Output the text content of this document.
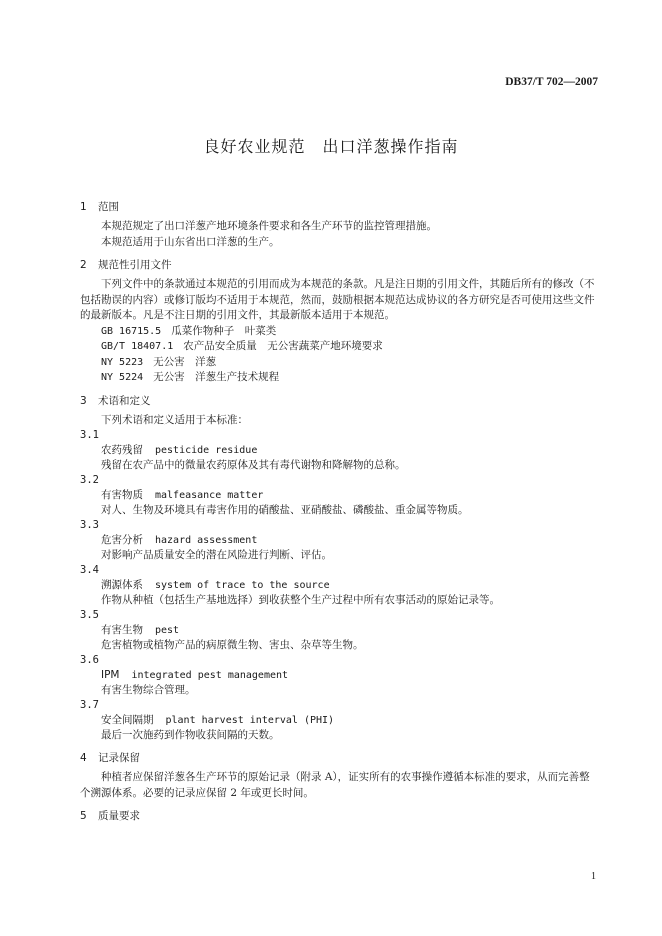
DB37/T 702—2007
良好农业规范　出口洋葱操作指南
1 范围

本规范规定了出口洋葱产地环境条件要求和各生产环节的监控管理措施。

本规范适用于山东省出口洋葱的生产。

2 规范性引用文件

下列文件中的条款通过本规范的引用而成为本规范的条款。凡是注日期的引用文件，其随后所有的修改（不包括勘误的内容）或修订版均不适用于本规范，然而，鼓励根据本规范达成协议的各方研究是否可使用这些文件的最新版本。凡是不注日期的引用文件，其最新版本适用于本规范。

GB 16715.5 瓜菜作物种子　叶菜类

GB/T 18407.1 农产品安全质量　无公害蔬菜产地环境要求

NY 5223 无公害　洋葱

NY 5224 无公害　洋葱生产技术规程

3 术语和定义

下列术语和定义适用于本标准：

3.1

农药残留 pesticide residue

残留在农产品中的微量农药原体及其有毒代谢物和降解物的总称。

3.2

有害物质 malfeasance matter

对人、生物及环境具有毒害作用的硝酸盐、亚硝酸盐、磷酸盐、重金属等物质。

3.3

危害分析 hazard assessment

对影响产品质量安全的潜在风险进行判断、评估。

3.4

溯源体系 system of trace to the source

作物从种植（包括生产基地选择）到收获整个生产过程中所有农事活动的原始记录等。

3.5

有害生物 pest

危害植物或植物产品的病原微生物、害虫、杂草等生物。

3.6

IPM integrated pest management

有害生物综合管理。

3.7

安全间隔期 plant harvest interval (PHI)

最后一次施药到作物收获间隔的天数。

4 记录保留

种植者应保留洋葱各生产环节的原始记录（附录 A），证实所有的农事操作遵循本标准的要求，从而完善整个溯源体系。必要的记录应保留 2 年或更长时间。

5 质量要求
1
